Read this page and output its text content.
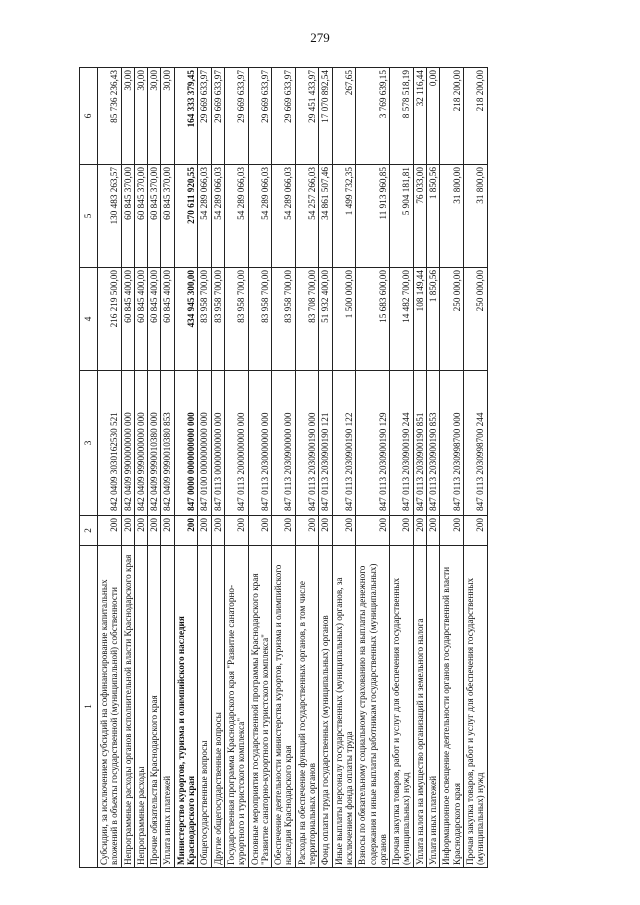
279
1	2	3	4	5	6
Субсидии, за исключением субсидий на софинансирование капитальных вложений в объекты государственной (муниципальной) собственности	200	842 0409 3030162530 521	216 219 500,00	130 483 263,57	85 736 236,43
Непрограммные расходы органов исполнительной власти Краснодарского края	200	842 0409 9900000000 000	60 845 400,00	60 845 370,00	30,00
Непрограммные расходы	200	842 0409 9990000000 000	60 845 400,00	60 845 370,00	30,00
Прочие обязательства Краснодарского края	200	842 0409 9990010380 000	60 845 400,00	60 845 370,00	30,00
Уплата иных платежей	200	842 0409 9990010380 853	60 845 400,00	60 845 370,00	30,00
Министерство курортов, туризма и олимпийского наследия Краснодарского края	200	847 0000 0000000000 000	434 945 300,00	270 611 920,55	164 333 379,45
Общегосударственные вопросы	200	847 0100 0000000000 000	83 958 700,00	54 289 066,03	29 669 633,97
Другие общегосударственные вопросы	200	847 0113 0000000000 000	83 958 700,00	54 289 066,03	29 669 633,97
Государственная программа Краснодарского края "Развитие санаторно-курортного и туристского комплекса"	200	847 0113 2000000000 000	83 958 700,00	54 289 066,03	29 669 633,97
Основные мероприятия государственной программы Краснодарского края "Развитие санаторно-курортного и туристского комплекса"	200	847 0113 2030000000 000	83 958 700,00	54 289 066,03	29 669 633,97
Обеспечение деятельности министерства курортов, туризма и олимпийского наследия Краснодарского края	200	847 0113 2030900000 000	83 958 700,00	54 289 066,03	29 669 633,97
Расходы на обеспечение функций государственных органов, в том числе территориальных органов	200	847 0113 2030900190 000	83 708 700,00	54 257 266,03	29 451 433,97
Фонд оплаты труда государственных (муниципальных) органов	200	847 0113 2030900190 121	51 932 400,00	34 861 507,46	17 070 892,54
Иные выплаты персоналу государственных (муниципальных) органов, за исключением фонда оплаты труда	200	847 0113 2030900190 122	1 500 000,00	1 499 732,35	267,65
Взносы по обязательному социальному страхованию на выплаты денежного содержания и иные выплаты работникам государственных (муниципальных) органов	200	847 0113 2030900190 129	15 683 600,00	11 913 960,85	3 769 639,15
Прочая закупка товаров, работ и услуг для обеспечения государственных (муниципальных) нужд	200	847 0113 2030900190 244	14 482 700,00	5 904 181,81	8 578 518,19
Уплата налога на имущество организаций и земельного налога	200	847 0113 2030900190 851	108 149,44	76 033,00	32 116,44
Уплата иных платежей	200	847 0113 2030900190 853	1 850,56	1 850,56	0,00
Информационное освещение деятельности органов государственной власти Краснодарского края	200	847 0113 2030998700 000	250 000,00	31 800,00	218 200,00
Прочая закупка товаров, работ и услуг для обеспечения государственных (муниципальных) нужд	200	847 0113 2030998700 244	250 000,00	31 800,00	218 200,00
